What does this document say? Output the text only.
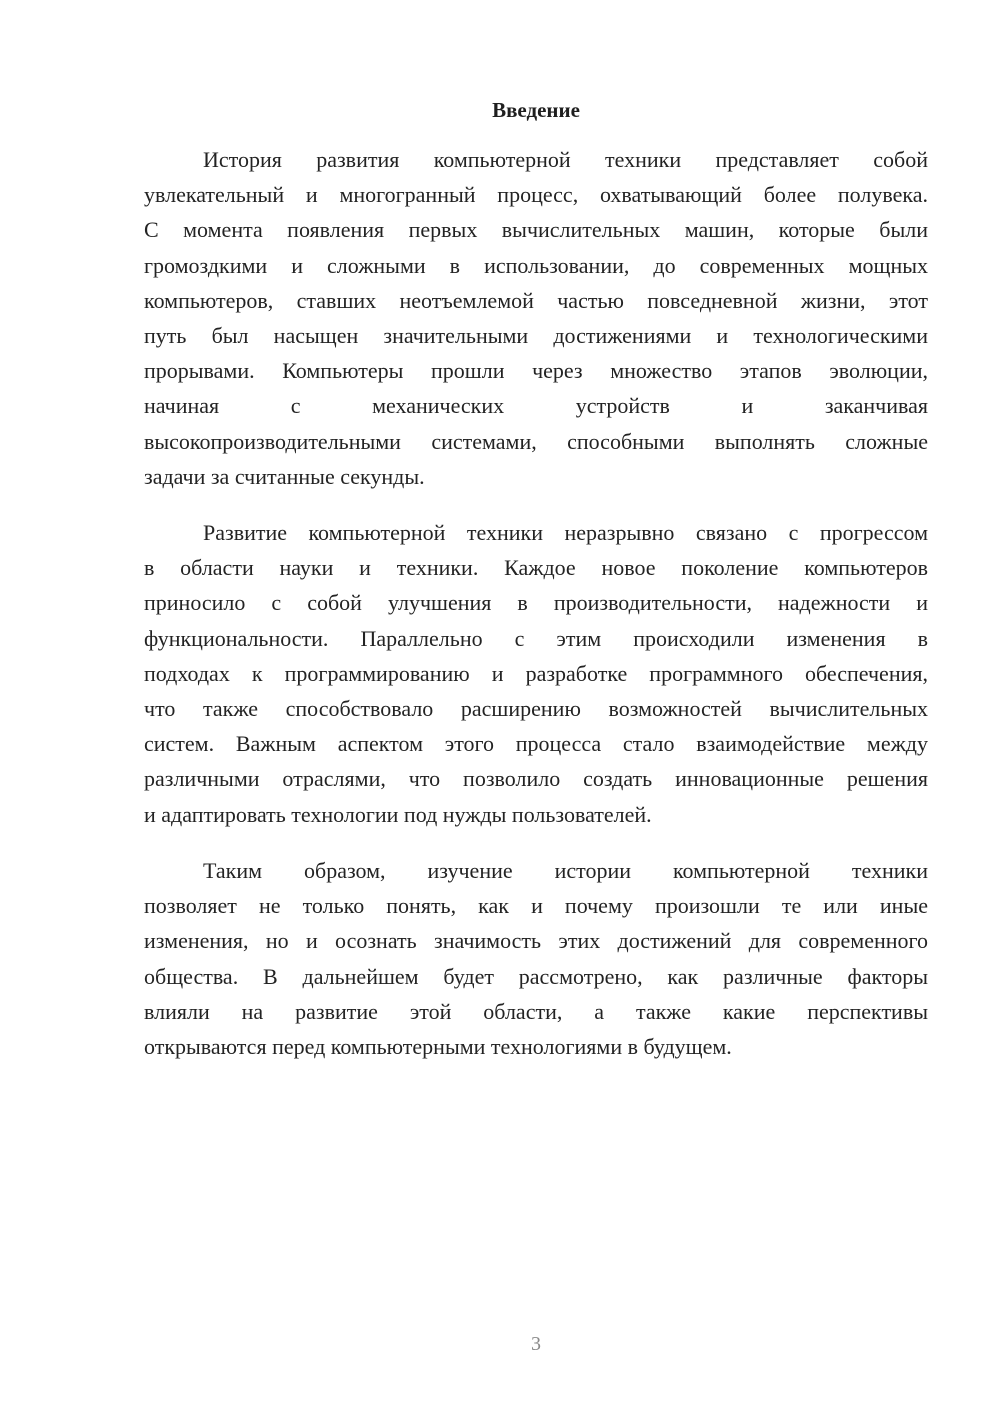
Введение
История развития компьютерной техники представляет собой
увлекательный и многогранный процесс, охватывающий более полувека.
С момента появления первых вычислительных машин, которые были
громоздкими и сложными в использовании, до современных мощных
компьютеров, ставших неотъемлемой частью повседневной жизни, этот
путь был насыщен значительными достижениями и технологическими
прорывами. Компьютеры прошли через множество этапов эволюции,
начиная с механических устройств и заканчивая
высокопроизводительными системами, способными выполнять сложные
задачи за считанные секунды.
Развитие компьютерной техники неразрывно связано с прогрессом
в области науки и техники. Каждое новое поколение компьютеров
приносило с собой улучшения в производительности, надежности и
функциональности. Параллельно с этим происходили изменения в
подходах к программированию и разработке программного обеспечения,
что также способствовало расширению возможностей вычислительных
систем. Важным аспектом этого процесса стало взаимодействие между
различными отраслями, что позволило создать инновационные решения
и адаптировать технологии под нужды пользователей.
Таким образом, изучение истории компьютерной техники
позволяет не только понять, как и почему произошли те или иные
изменения, но и осознать значимость этих достижений для современного
общества. В дальнейшем будет рассмотрено, как различные факторы
влияли на развитие этой области, а также какие перспективы
открываются перед компьютерными технологиями в будущем.
3
